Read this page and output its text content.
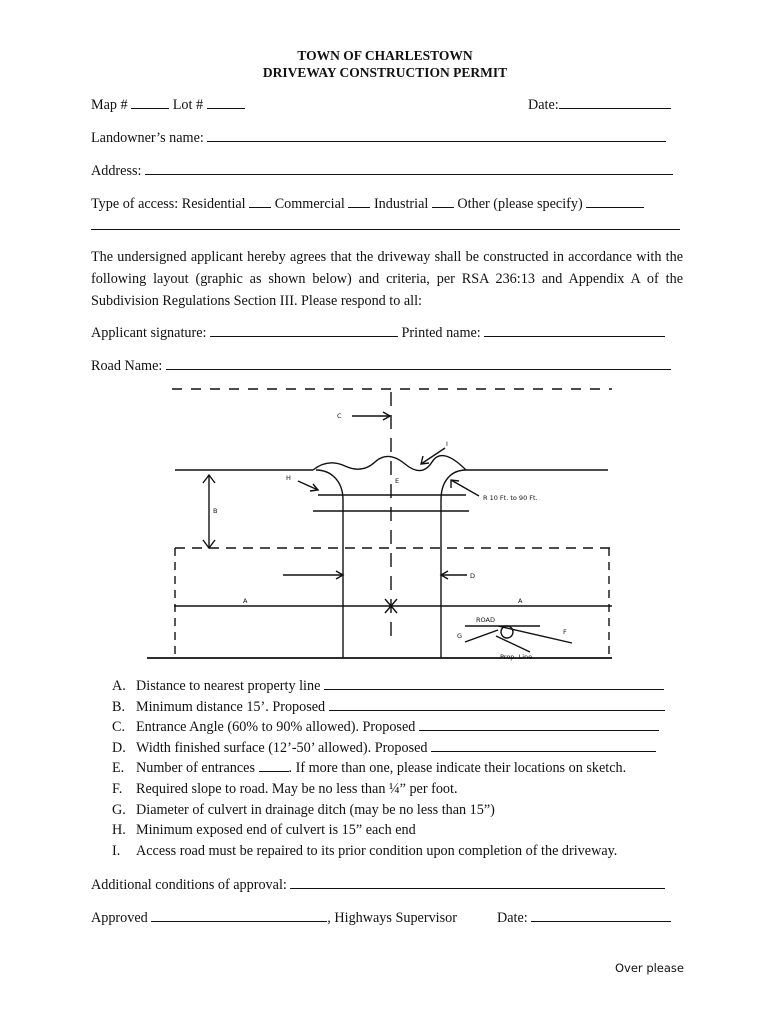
TOWN OF CHARLESTOWN
DRIVEWAY CONSTRUCTION PERMIT
Map #	Lot #	Date:
Landowner’s name:
Address:
Type of access: Residential Commercial Industrial Other (please specify)
The undersigned applicant hereby agrees that the driveway shall be constructed in accordance with the following layout (graphic as shown below) and criteria, per RSA 236:13 and Appendix A of the Subdivision Regulations Section III. Please respond to all:
Applicant signature:	Printed name:
Road Name:
C
I
H	E
R 10 Ft. to 90 Ft.
B
D
A	A
ROAD
F
G
Prop. Line
A. Distance to nearest property line
B. Minimum distance 15’. Proposed
C. Entrance Angle (60% to 90% allowed). Proposed
D. Width finished surface (12’-50’ allowed). Proposed
E. Number of entrances . If more than one, please indicate their locations on sketch.
F. Required slope to road. May be no less than ¼” per foot.
G. Diameter of culvert in drainage ditch (may be no less than 15”)
H. Minimum exposed end of culvert is 15” each end
I. Access road must be repaired to its prior condition upon completion of the driveway.
Additional conditions of approval:
Approved	, Highways Supervisor	Date:
Over please
